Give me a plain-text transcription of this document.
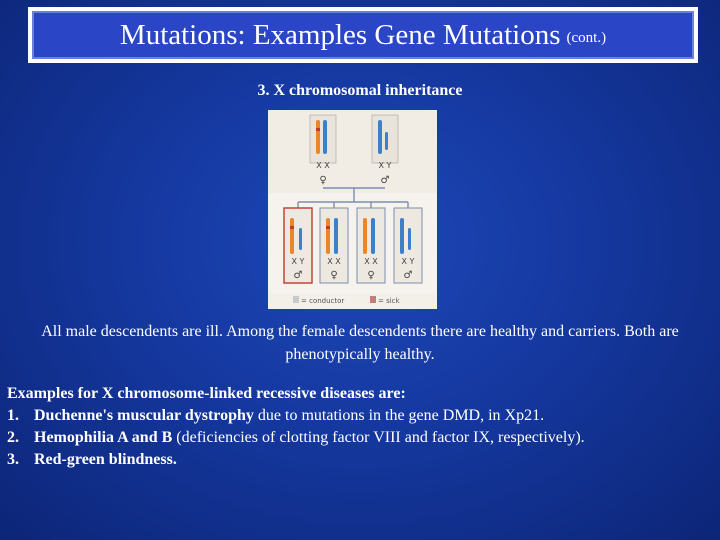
Mutations: Examples Gene Mutations (cont.)
3. X chromosomal inheritance
X X
♀
X Y
♂
X Y
♂
X X
♀
X X
♀
X Y
♂
= conductor	= sick
All male descendents are ill. Among the female descendents there are healthy and carriers. Both are phenotypically healthy.
Examples for X chromosome-linked recessive diseases are:
1. Duchenne's muscular dystrophy due to mutations in the gene DMD, in Xp21.
2. Hemophilia A and B (deficiencies of clotting factor VIII and factor IX, respectively).
3. Red-green blindness.
